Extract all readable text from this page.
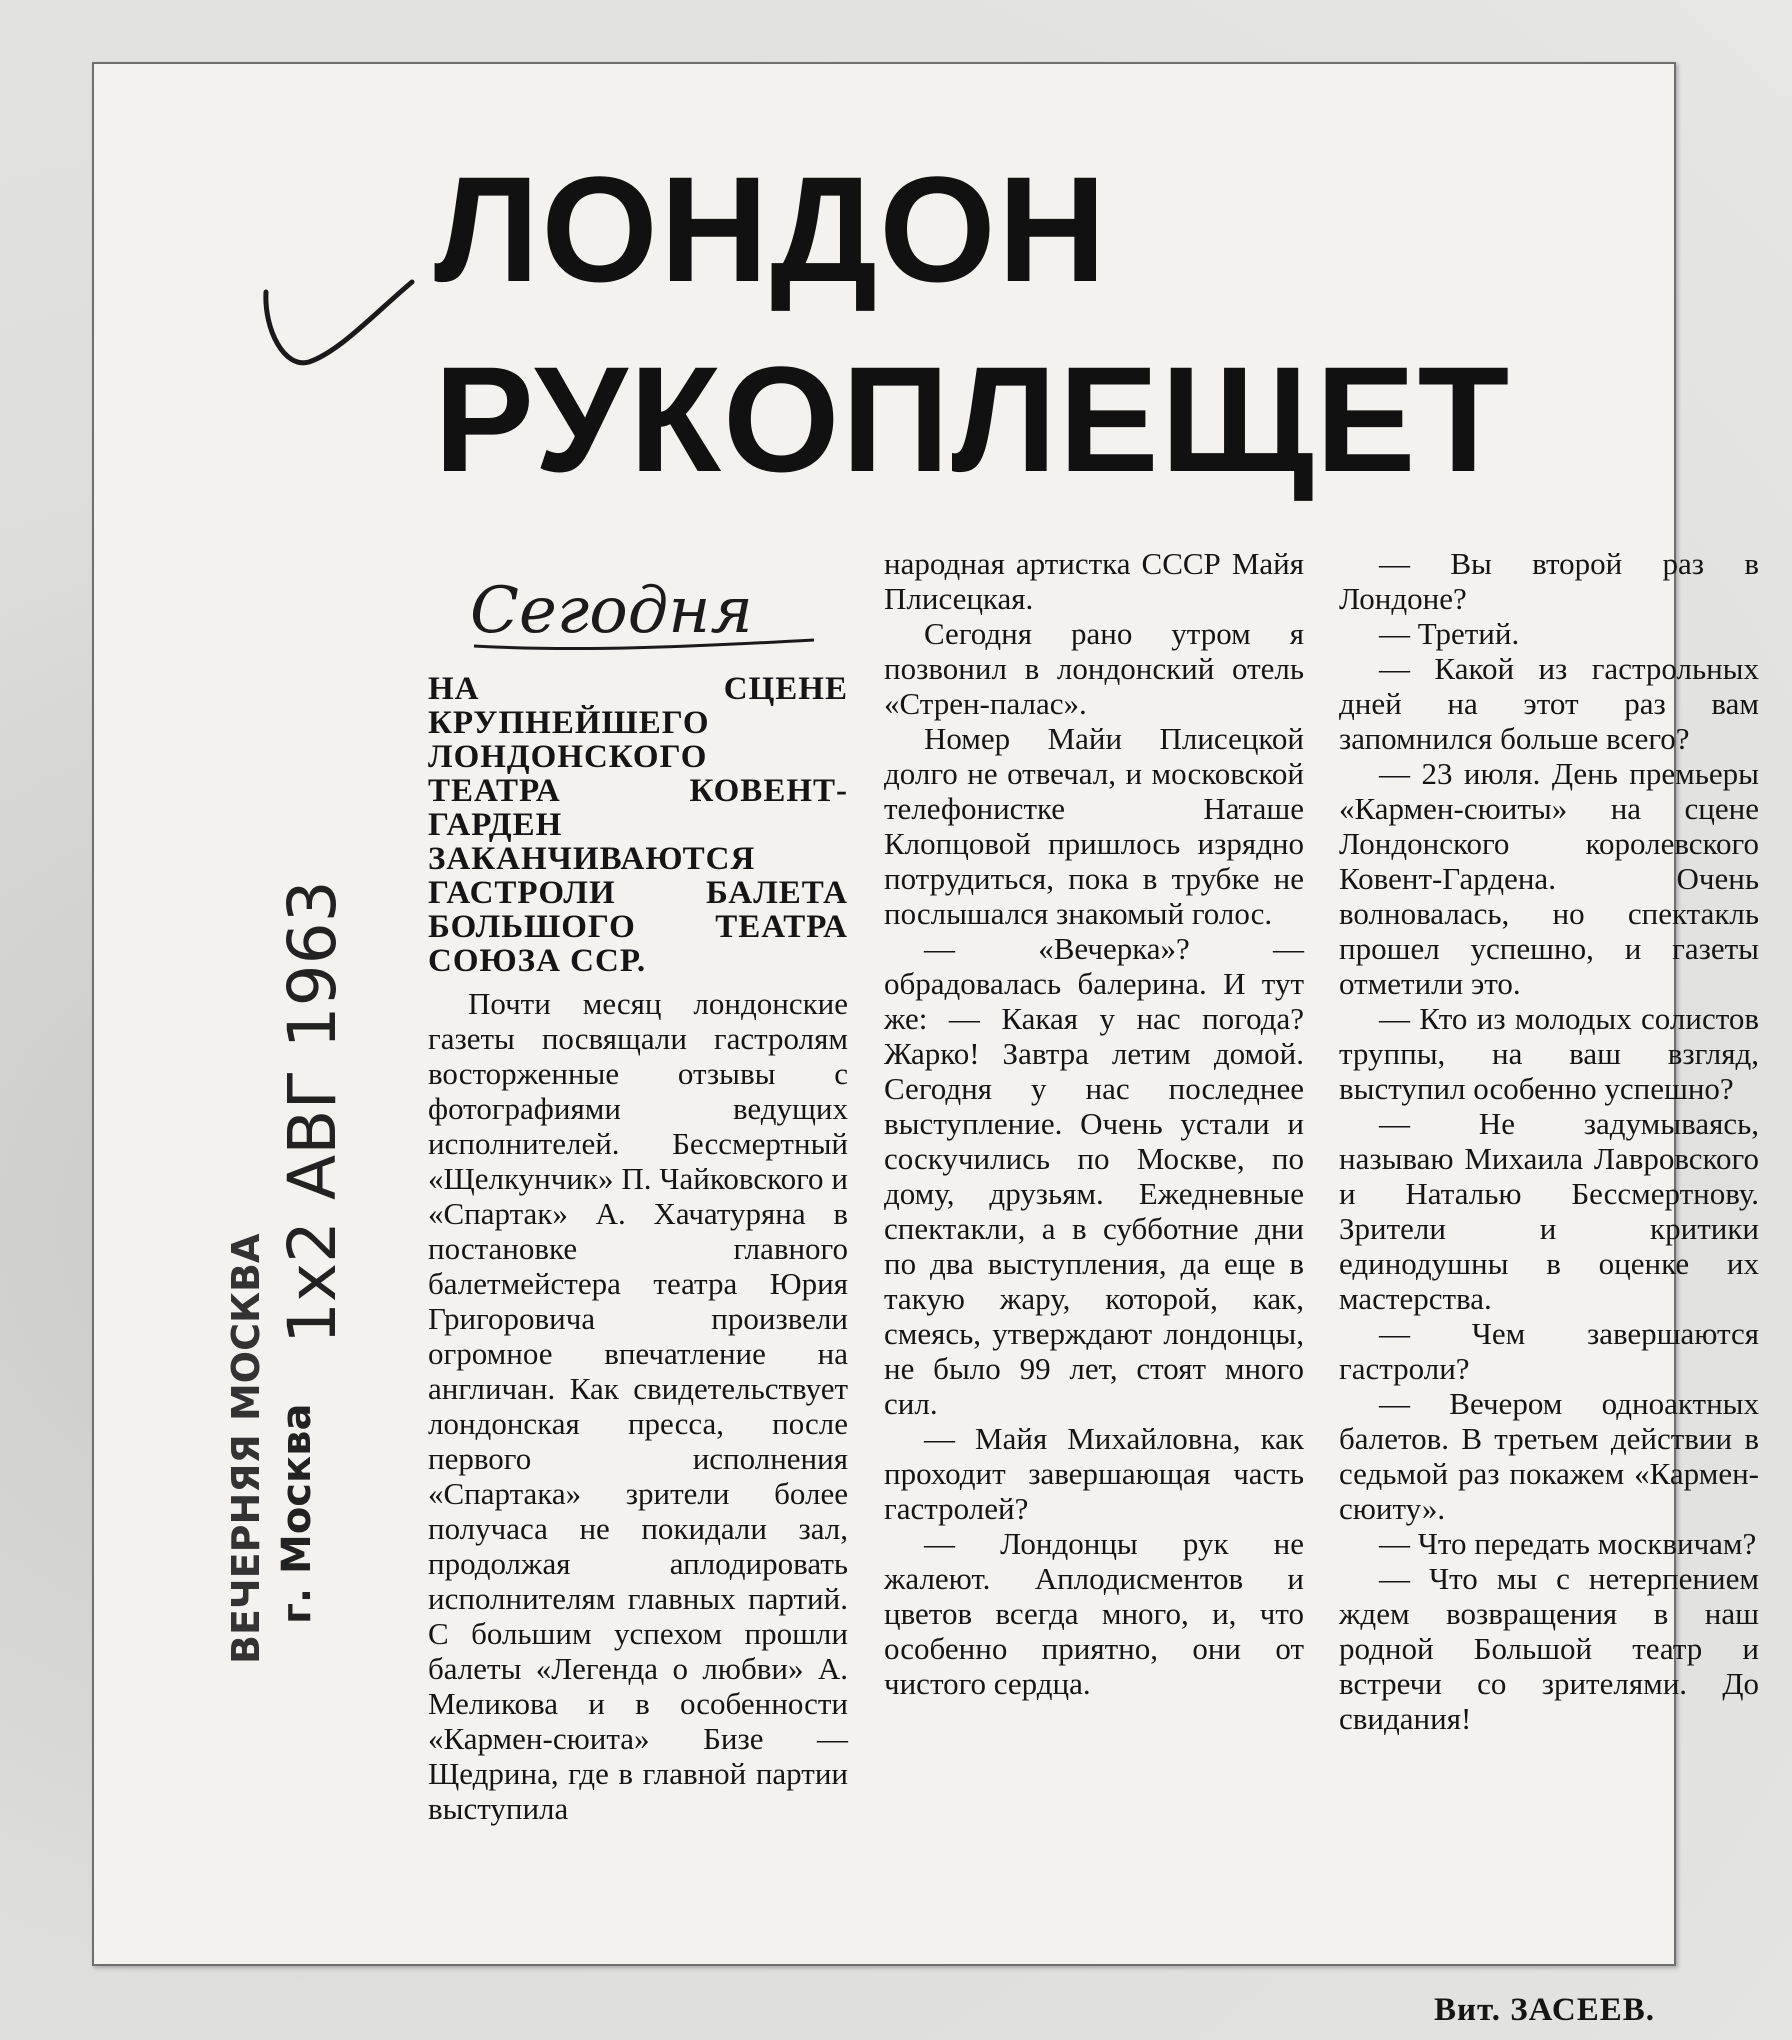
ЛОНДОН
РУКОПЛЕЩЕТ
Сегодня
1x2 АВГ 1963
ВЕЧЕРНЯЯ МОСКВА г. Москва
НА СЦЕНЕ КРУПНЕЙШЕГО ЛОНДОНСКОГО ТЕАТРА КОВЕНТ-ГАРДЕН ЗАКАНЧИВАЮТСЯ ГАСТРОЛИ БАЛЕТА БОЛЬШОГО ТЕАТРА СОЮЗА ССР.

Почти месяц лондонские газеты посвящали гастролям восторженные отзывы с фотографиями ведущих исполнителей. Бессмертный «Щелкунчик» П. Чайковского и «Спартак» А. Хачатуряна в постановке главного балетмейстера театра Юрия Григоровича произвели огромное впечатление на англичан. Как свидетельствует лондонская пресса, после первого исполнения «Спартака» зрители более получаса не покидали зал, продолжая аплодировать исполнителям главных партий. С большим успехом прошли балеты «Легенда о любви» А. Меликова и в особенности «Кармен-сюита» Бизе — Щедрина, где в главной партии выступила

народная артистка СССР Майя Плисецкая.

Сегодня рано утром я позвонил в лондонский отель «Стрен-палас».

Номер Майи Плисецкой долго не отвечал, и московской телефонистке Наташе Клопцовой пришлось изрядно потрудиться, пока в трубке не послышался знакомый голос.

— «Вечерка»? — обрадовалась балерина. И тут же: — Какая у нас погода? Жарко! Завтра летим домой. Сегодня у нас последнее выступление. Очень устали и соскучились по Москве, по дому, друзьям. Ежедневные спектакли, а в субботние дни по два выступления, да еще в такую жару, которой, как, смеясь, утверждают лондонцы, не было 99 лет, стоят много сил.

— Майя Михайловна, как проходит завершающая часть гастролей?

— Лондонцы рук не жалеют. Аплодисментов и цветов всегда много, и, что особенно приятно, они от чистого сердца.

— Вы второй раз в Лондоне?

— Третий.

— Какой из гастрольных дней на этот раз вам запомнился больше всего?

— 23 июля. День премьеры «Кармен-сюиты» на сцене Лондонского королевского Ковент-Гардена. Очень волновалась, но спектакль прошел успешно, и газеты отметили это.

— Кто из молодых солистов труппы, на ваш взгляд, выступил особенно успешно?

— Не задумываясь, называю Михаила Лавровского и Наталью Бессмертнову. Зрители и критики единодушны в оценке их мастерства.

— Чем завершаются гастроли?

— Вечером одноактных балетов. В третьем действии в седьмой раз покажем «Кармен-сюиту».

— Что передать москвичам?

— Что мы с нетерпением ждем возвращения в наш родной Большой театр и встречи со зрителями. До свидания!

Вит. ЗАСЕЕВ.
